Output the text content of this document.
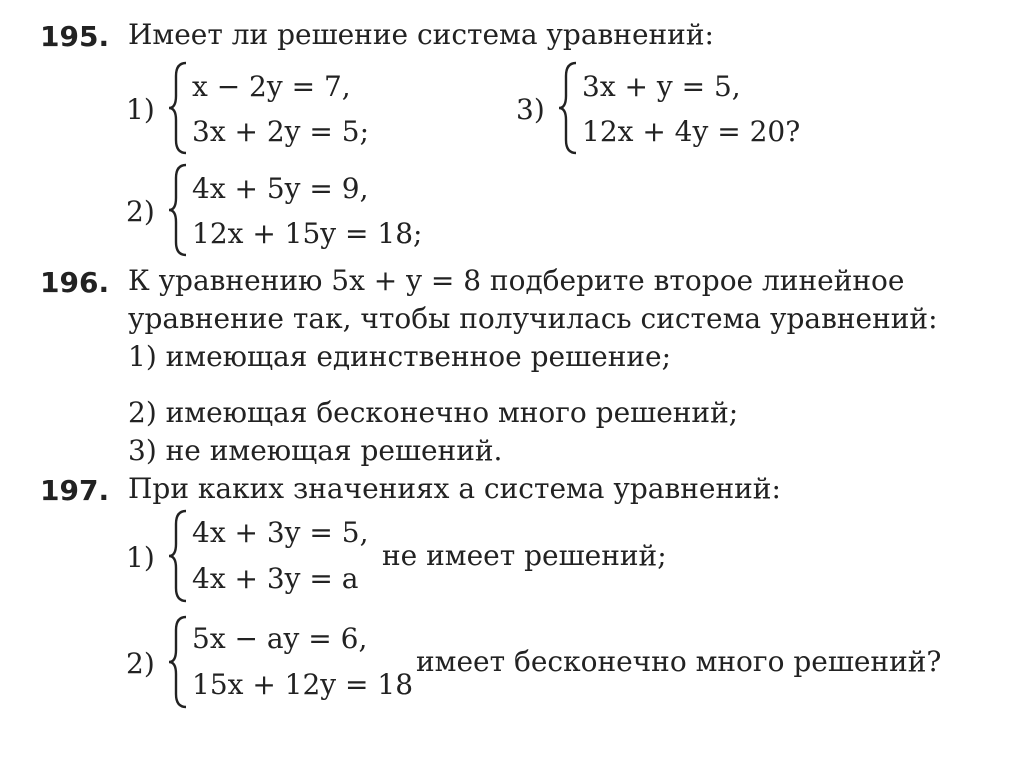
195. Имеет ли решение система уравнений:
1)
x − 2y = 7,
3x + 2y = 5;
3)
3x + y = 5,
12x + 4y = 20?
2)
4x + 5y = 9,
12x + 15y = 18;
196. К уравнению 5x + y = 8 подберите второе линейное
уравнение так, чтобы получилась система уравнений:
1) имеющая единственное решение;
2) имеющая бесконечно много решений;
3) не имеющая решений.
197. При каких значениях a система уравнений:
1)
4x + 3y = 5,
4x + 3y = a
не имеет решений;
2)
5x − ay = 6,
15x + 12y = 18
имеет бесконечно много решений?
